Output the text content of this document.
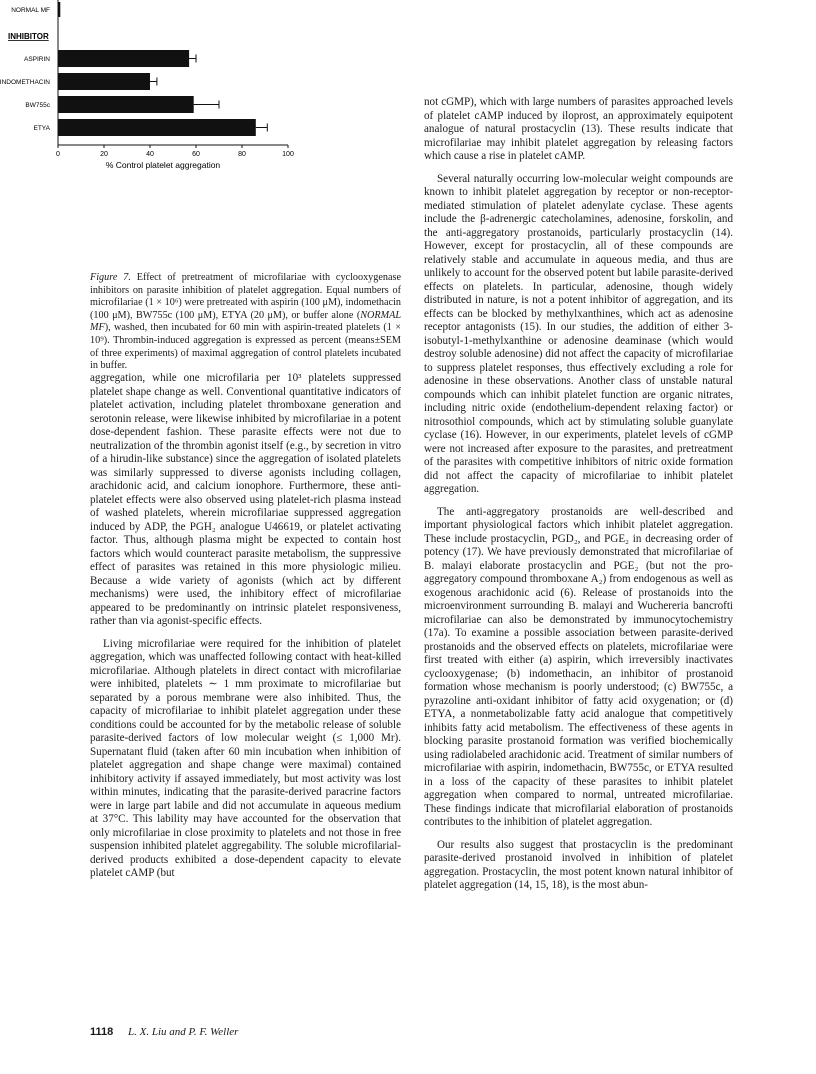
NORMAL MF
INHIBITOR
ASPIRIN
INDOMETHACIN
BW755c
ETYA
0	20	40	60	80	100
% Control platelet aggregation
Figure 7. Effect of pretreatment of microfilariae with cyclooxygenase inhibitors on parasite inhibition of platelet aggregation. Equal numbers of microfilariae (1 × 10⁶) were pretreated with aspirin (100 μM), indomethacin (100 μM), BW755c (100 μM), ETYA (20 μM), or buffer alone (NORMAL MF), washed, then incubated for 60 min with aspirin-treated platelets (1 × 10⁹). Thrombin-induced aggregation is expressed as percent (means±SEM of three experiments) of maximal aggregation of control platelets incubated in buffer.

aggregation, while one microfilaria per 10³ platelets suppressed platelet shape change as well. Conventional quantitative indicators of platelet activation, including platelet thromboxane generation and serotonin release, were likewise inhibited by microfilariae in a potent dose-dependent fashion. These parasite effects were not due to neutralization of the thrombin agonist itself (e.g., by secretion in vitro of a hirudin-like substance) since the aggregation of isolated platelets was similarly suppressed to diverse agonists including collagen, arachidonic acid, and calcium ionophore. Furthermore, these anti-platelet effects were also observed using platelet-rich plasma instead of washed platelets, wherein microfilariae suppressed aggregation induced by ADP, the PGH₂ analogue U46619, or platelet activating factor. Thus, although plasma might be expected to contain host factors which would counteract parasite metabolism, the suppressive effect of parasites was retained in this more physiologic milieu. Because a wide variety of agonists (which act by different mechanisms) were used, the inhibitory effect of microfilariae appeared to be predominantly on intrinsic platelet responsiveness, rather than via agonist-specific effects.

Living microfilariae were required for the inhibition of platelet aggregation, which was unaffected following contact with heat-killed microfilariae. Although platelets in direct contact with microfilariae were inhibited, platelets ∼ 1 mm proximate to microfilariae but separated by a porous membrane were also inhibited. Thus, the capacity of microfilariae to inhibit platelet aggregation under these conditions could be accounted for by the metabolic release of soluble parasite-derived factors of low molecular weight (≤ 1,000 Mr). Supernatant fluid (taken after 60 min incubation when inhibition of platelet aggregation and shape change were maximal) contained inhibitory activity if assayed immediately, but most activity was lost within minutes, indicating that the parasite-derived paracrine factors were in large part labile and did not accumulate in aqueous medium at 37°C. This lability may have accounted for the observation that only microfilariae in close proximity to platelets and not those in free suspension inhibited platelet aggregability. The soluble microfilarial-derived products exhibited a dose-dependent capacity to elevate platelet cAMP (but

not cGMP), which with large numbers of parasites approached levels of platelet cAMP induced by iloprost, an approximately equipotent analogue of natural prostacyclin (13). These results indicate that microfilariae may inhibit platelet aggregation by releasing factors which cause a rise in platelet cAMP.

Several naturally occurring low-molecular weight compounds are known to inhibit platelet aggregation by receptor or non-receptor-mediated stimulation of platelet adenylate cyclase. These agents include the β-adrenergic catecholamines, adenosine, forskolin, and the anti-aggregatory prostanoids, particularly prostacyclin (14). However, except for prostacyclin, all of these compounds are relatively stable and accumulate in aqueous media, and thus are unlikely to account for the observed potent but labile parasite-derived effects on platelets. In particular, adenosine, though widely distributed in nature, is not a potent inhibitor of aggregation, and its effects can be blocked by methylxanthines, which act as adenosine receptor antagonists (15). In our studies, the addition of either 3-isobutyl-1-methylxanthine or adenosine deaminase (which would destroy soluble adenosine) did not affect the capacity of microfilariae to suppress platelet responses, thus effectively excluding a role for adenosine in these observations. Another class of unstable natural compounds which can inhibit platelet function are organic nitrates, including nitric oxide (endothelium-dependent relaxing factor) or nitrosothiol compounds, which act by stimulating soluble guanylate cyclase (16). However, in our experiments, platelet levels of cGMP were not increased after exposure to the parasites, and pretreatment of the parasites with competitive inhibitors of nitric oxide formation did not affect the capacity of microfilariae to inhibit platelet aggregation.

The anti-aggregatory prostanoids are well-described and important physiological factors which inhibit platelet aggregation. These include prostacyclin, PGD₂, and PGE₂ in decreasing order of potency (17). We have previously demonstrated that microfilariae of B. malayi elaborate prostacyclin and PGE₂ (but not the pro-aggregatory compound thromboxane A₂) from endogenous as well as exogenous arachidonic acid (6). Release of prostanoids into the microenvironment surrounding B. malayi and Wuchereria bancrofti microfilariae can also be demonstrated by immunocytochemistry (17a). To examine a possible association between parasite-derived prostanoids and the observed effects on platelets, microfilariae were first treated with either (a) aspirin, which irreversibly inactivates cyclooxygenase; (b) indomethacin, an inhibitor of prostanoid formation whose mechanism is poorly understood; (c) BW755c, a pyrazoline anti-oxidant inhibitor of fatty acid oxygenation; or (d) ETYA, a nonmetabolizable fatty acid analogue that competitively inhibits fatty acid metabolism. The effectiveness of these agents in blocking parasite prostanoid formation was verified biochemically using radiolabeled arachidonic acid. Treatment of similar numbers of microfilariae with aspirin, indomethacin, BW755c, or ETYA resulted in a loss of the capacity of these parasites to inhibit platelet aggregation when compared to normal, untreated microfilariae. These findings indicate that microfilarial elaboration of prostanoids contributes to the inhibition of platelet aggregation.

Our results also suggest that prostacyclin is the predominant parasite-derived prostanoid involved in inhibition of platelet aggregation. Prostacyclin, the most potent known natural inhibitor of platelet aggregation (14, 15, 18), is the most abun-

1118 L. X. Liu and P. F. Weller
